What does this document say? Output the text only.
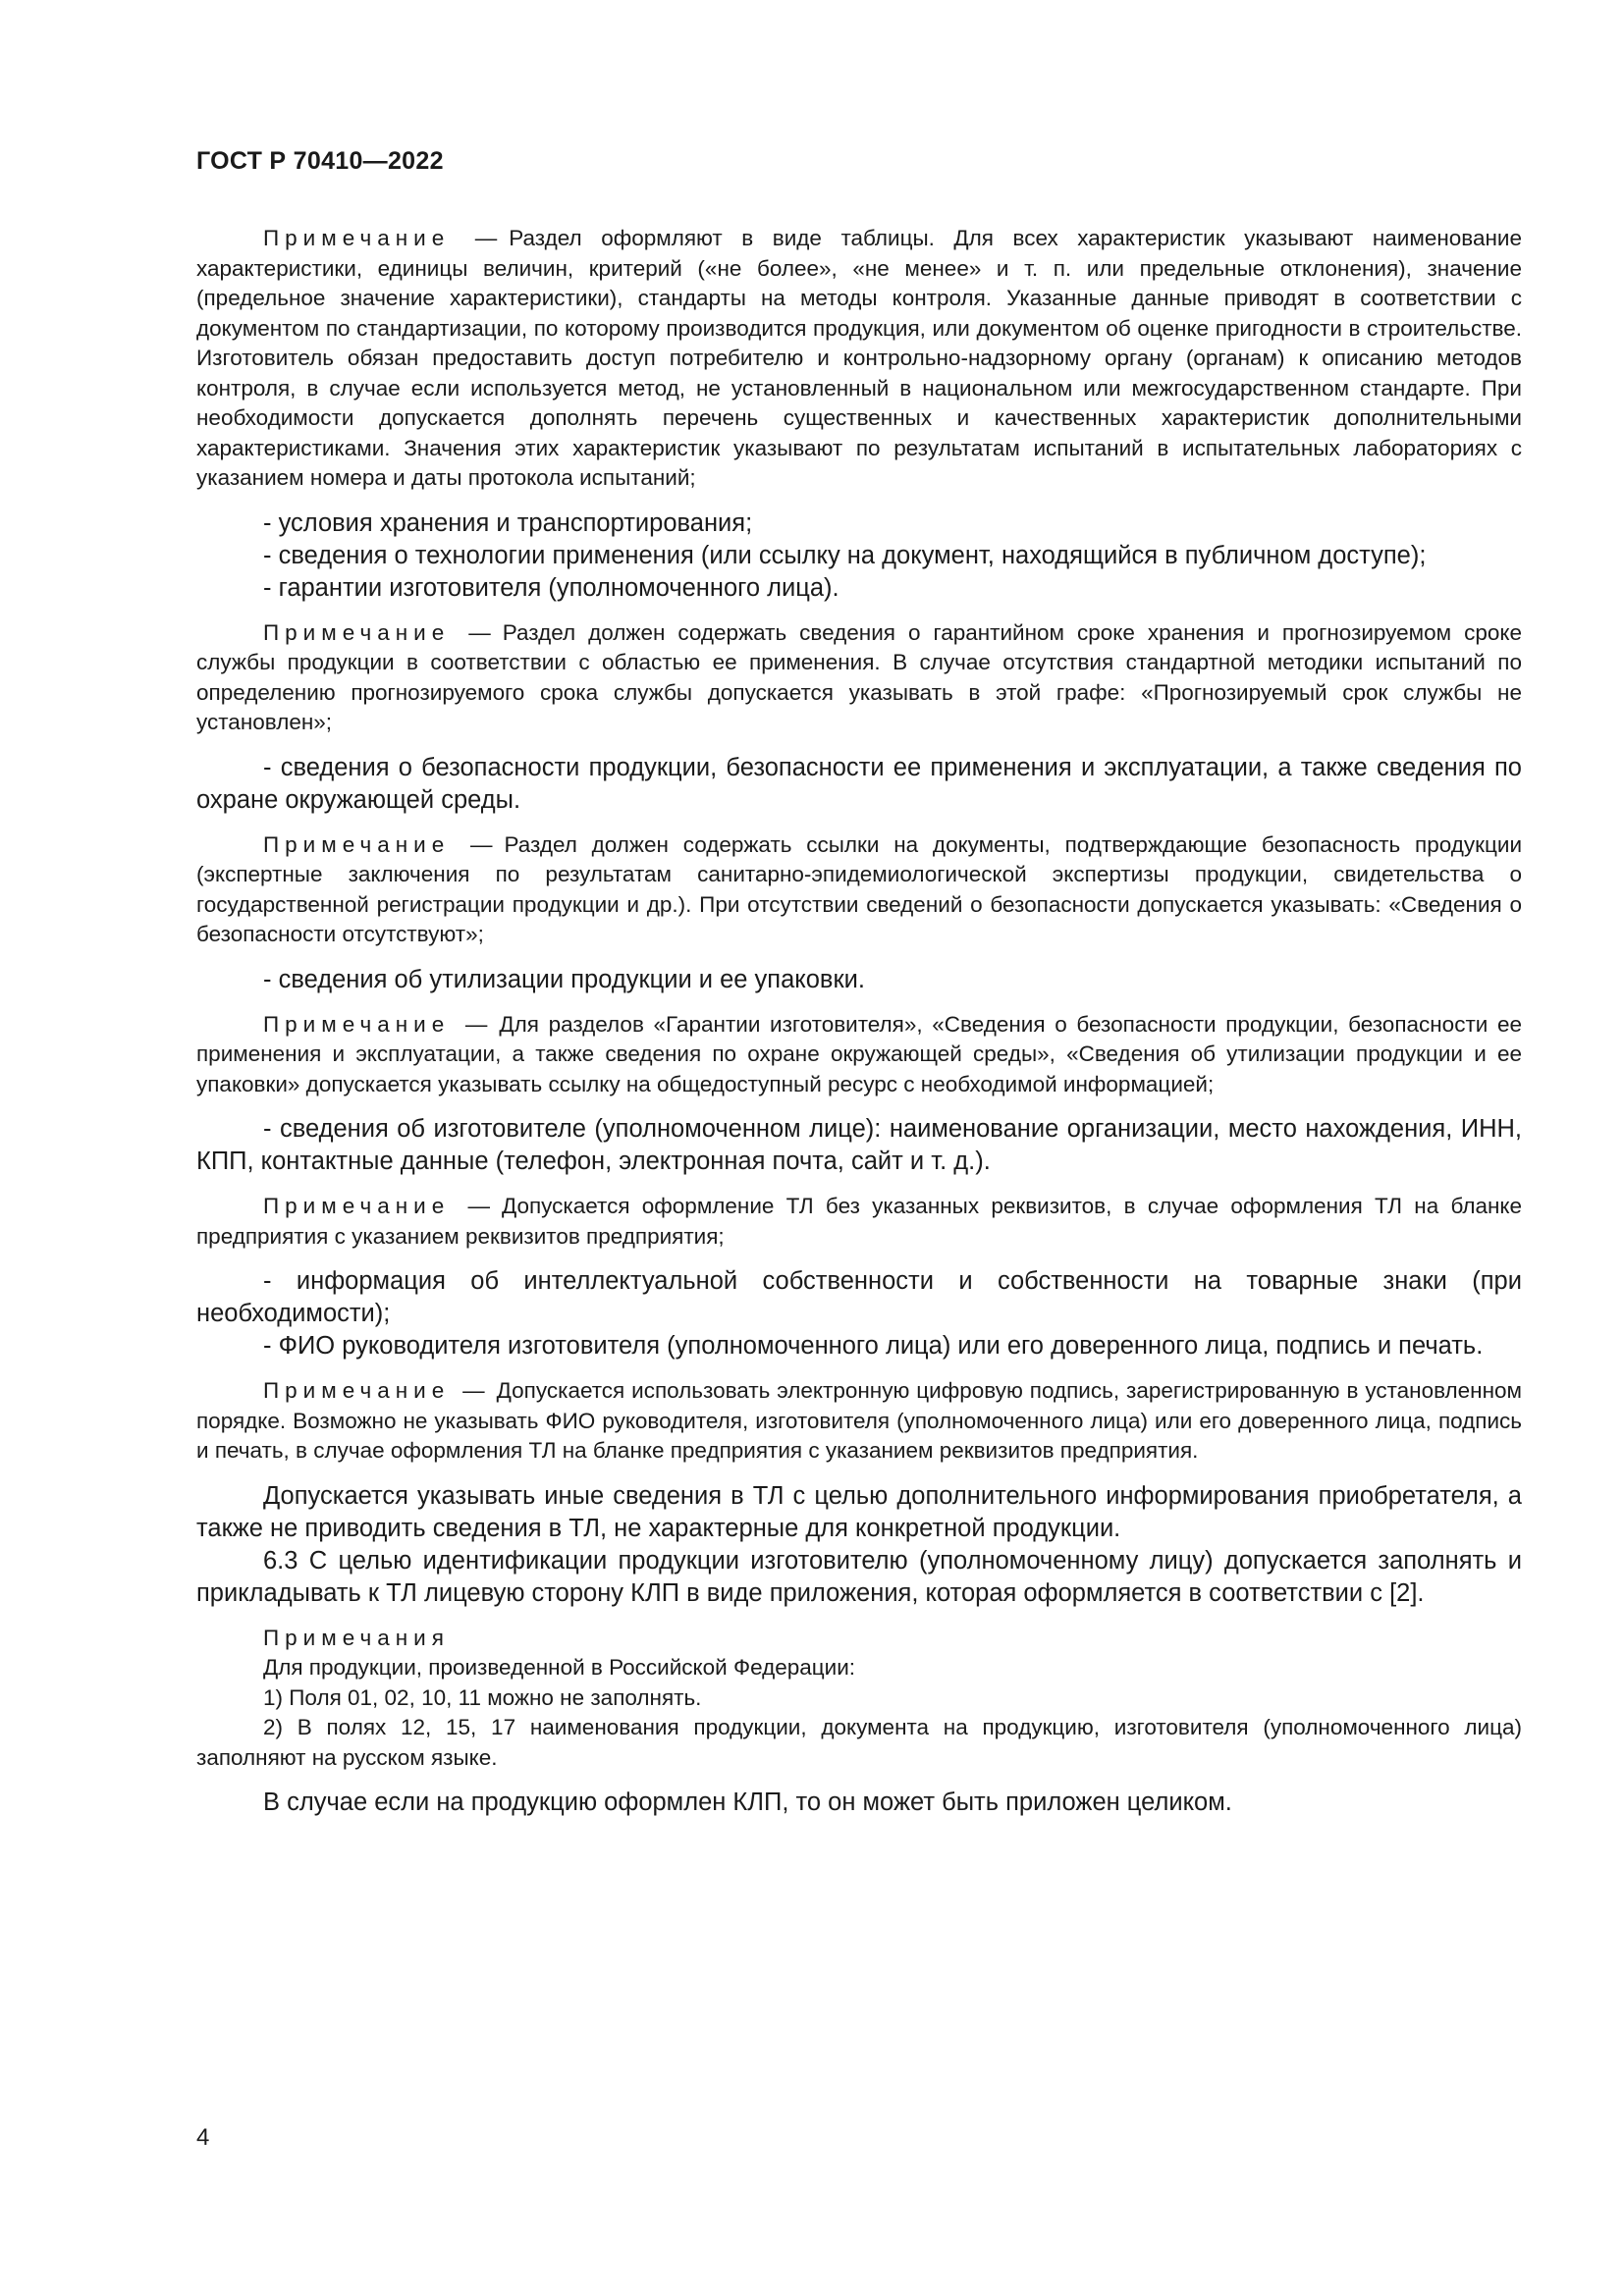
ГОСТ Р 70410—2022

Примечание — Раздел оформляют в виде таблицы. Для всех характеристик указывают наименование характеристики, единицы величин, критерий («не более», «не менее» и т. п. или предельные отклонения), значение (предельное значение характеристики), стандарты на методы контроля. Указанные данные приводят в соответствии с документом по стандартизации, по которому производится продукция, или документом об оценке пригодности в строительстве. Изготовитель обязан предоставить доступ потребителю и контрольно-надзорному органу (органам) к описанию методов контроля, в случае если используется метод, не установленный в национальном или межгосударственном стандарте. При необходимости допускается дополнять перечень существенных и качественных характеристик дополнительными характеристиками. Значения этих характеристик указывают по результатам испытаний в испытательных лабораториях с указанием номера и даты протокола испытаний;

- условия хранения и транспортирования;

- сведения о технологии применения (или ссылку на документ, находящийся в публичном доступе);

- гарантии изготовителя (уполномоченного лица).

Примечание — Раздел должен содержать сведения о гарантийном сроке хранения и прогнозируемом сроке службы продукции в соответствии с областью ее применения. В случае отсутствия стандартной методики испытаний по определению прогнозируемого срока службы допускается указывать в этой графе: «Прогнозируемый срок службы не установлен»;

- сведения о безопасности продукции, безопасности ее применения и эксплуатации, а также сведения по охране окружающей среды.

Примечание — Раздел должен содержать ссылки на документы, подтверждающие безопасность продукции (экспертные заключения по результатам санитарно-эпидемиологической экспертизы продукции, свидетельства о государственной регистрации продукции и др.). При отсутствии сведений о безопасности допускается указывать: «Сведения о безопасности отсутствуют»;

- сведения об утилизации продукции и ее упаковки.

Примечание — Для разделов «Гарантии изготовителя», «Сведения о безопасности продукции, безопасности ее применения и эксплуатации, а также сведения по охране окружающей среды», «Сведения об утилизации продукции и ее упаковки» допускается указывать ссылку на общедоступный ресурс с необходимой информацией;

- сведения об изготовителе (уполномоченном лице): наименование организации, место нахождения, ИНН, КПП, контактные данные (телефон, электронная почта, сайт и т. д.).

Примечание — Допускается оформление ТЛ без указанных реквизитов, в случае оформления ТЛ на бланке предприятия с указанием реквизитов предприятия;

- информация об интеллектуальной собственности и собственности на товарные знаки (при необходимости);

- ФИО руководителя изготовителя (уполномоченного лица) или его доверенного лица, подпись и печать.

Примечание — Допускается использовать электронную цифровую подпись, зарегистрированную в установленном порядке. Возможно не указывать ФИО руководителя, изготовителя (уполномоченного лица) или его доверенного лица, подпись и печать, в случае оформления ТЛ на бланке предприятия с указанием реквизитов предприятия.

Допускается указывать иные сведения в ТЛ с целью дополнительного информирования приобретателя, а также не приводить сведения в ТЛ, не характерные для конкретной продукции.

6.3 С целью идентификации продукции изготовителю (уполномоченному лицу) допускается заполнять и прикладывать к ТЛ лицевую сторону КЛП в виде приложения, которая оформляется в соответствии с [2].

Примечания

Для продукции, произведенной в Российской Федерации:

1) Поля 01, 02, 10, 11 можно не заполнять.

2) В полях 12, 15, 17 наименования продукции, документа на продукцию, изготовителя (уполномоченного лица) заполняют на русском языке.

В случае если на продукцию оформлен КЛП, то он может быть приложен целиком.

4
